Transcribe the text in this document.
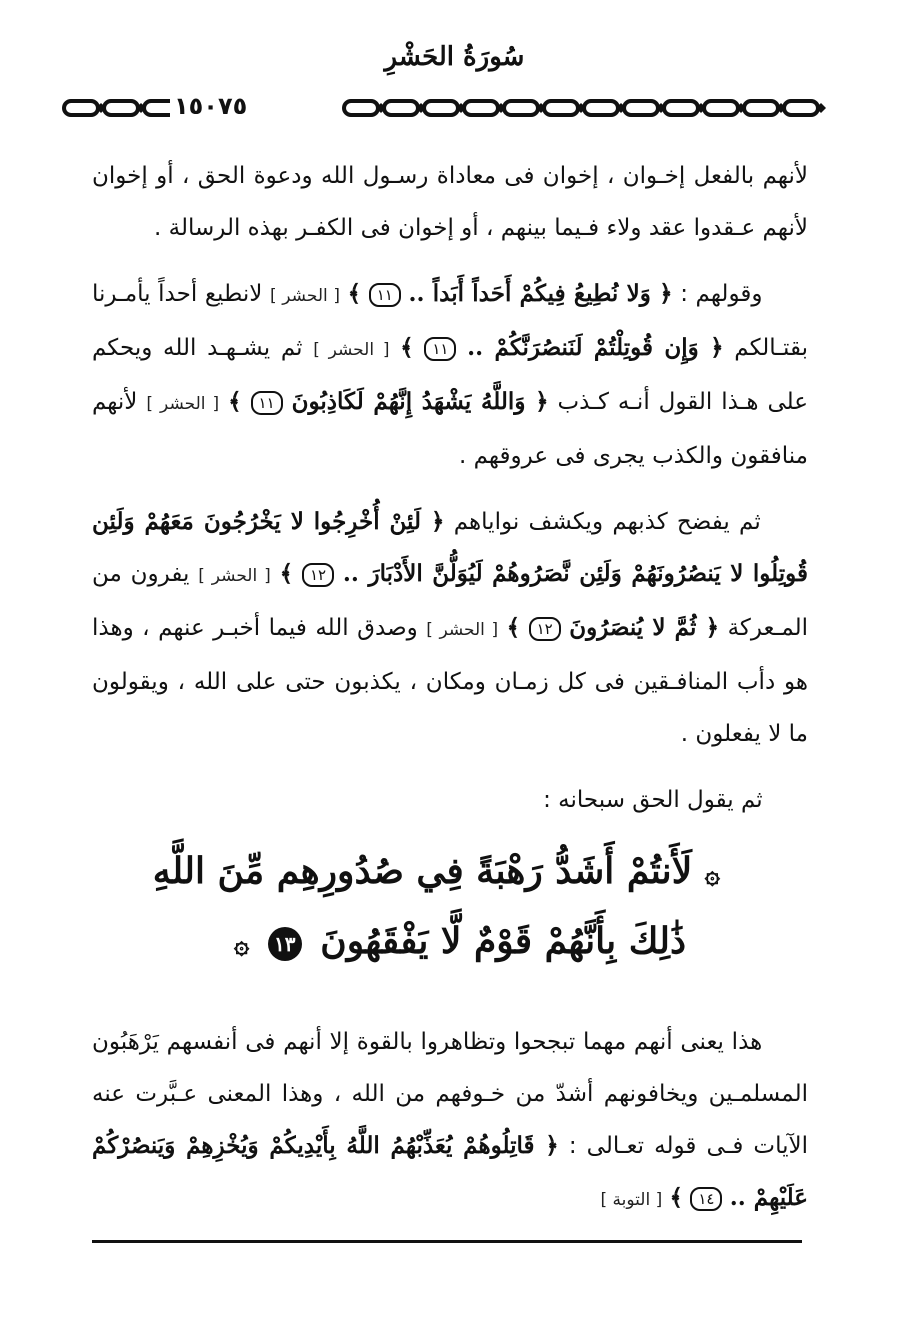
سُورَةُ الحَشْرِ
١٥٠٧٥

لأنهم بالفعل إخـوان ، إخوان فى معاداة رسـول الله ودعوة الحق ، أو إخوان لأنهم عـقدوا عقد ولاء فـيما بينهم ، أو إخوان فى الكفـر بهذه الرسالة .

وقولهم : ﴿ وَلا نُطِيعُ فِيكُمْ أَحَداً أَبَداً .. ١١ ﴾ [ الحشر ] لانطيع أحداً يأمـرنا بقتـالكم ﴿ وَإِن قُوتِلْتُمْ لَنَنصُرَنَّكُمْ .. ١١ ﴾ [ الحشر ] ثم يشـهـد الله ويحكم على هـذا القول أنـه كـذب ﴿ وَاللَّهُ يَشْهَدُ إِنَّهُمْ لَكَاذِبُونَ ١١ ﴾ [ الحشر ] لأنهم منافقون والكذب يجرى فى عروقهم .

ثم يفضح كذبهم ويكشف نواياهم ﴿ لَئِنْ أُخْرِجُوا لا يَخْرُجُونَ مَعَهُمْ وَلَئِن قُوتِلُوا لا يَنصُرُونَهُمْ وَلَئِن نَّصَرُوهُمْ لَيُوَلُّنَّ الأَدْبَارَ .. ١٢ ﴾ [ الحشر ] يفرون من المـعركة ﴿ ثُمَّ لا يُنصَرُونَ ١٢ ﴾ [ الحشر ] وصدق الله فيما أخبـر عنهم ، وهذا هو دأب المنافـقين فى كل زمـان ومكان ، يكذبون حتى على الله ، ويقولون ما لا يفعلون .

ثم يقول الحق سبحانه :

۞ لَأَنتُمْ أَشَدُّ رَهْبَةً فِي صُدُورِهِم مِّنَ اللَّهِ
ذَٰلِكَ بِأَنَّهُمْ قَوْمٌ لَّا يَفْقَهُونَ ١٣ ۞

هذا يعنى أنهم مهما تبجحوا وتظاهروا بالقوة إلا أنهم فى أنفسهم يَرْهَبُون المسلمـين ويخافونهم أشدّ من خـوفهم من الله ، وهذا المعنى عـبَّرت عنه الآيات فـى قوله تعـالى : ﴿ قَاتِلُوهُمْ يُعَذِّبْهُمُ اللَّهُ بِأَيْدِيكُمْ وَيُخْزِهِمْ وَيَنصُرْكُمْ عَلَيْهِمْ .. ١٤ ﴾ [ التوبة ]
